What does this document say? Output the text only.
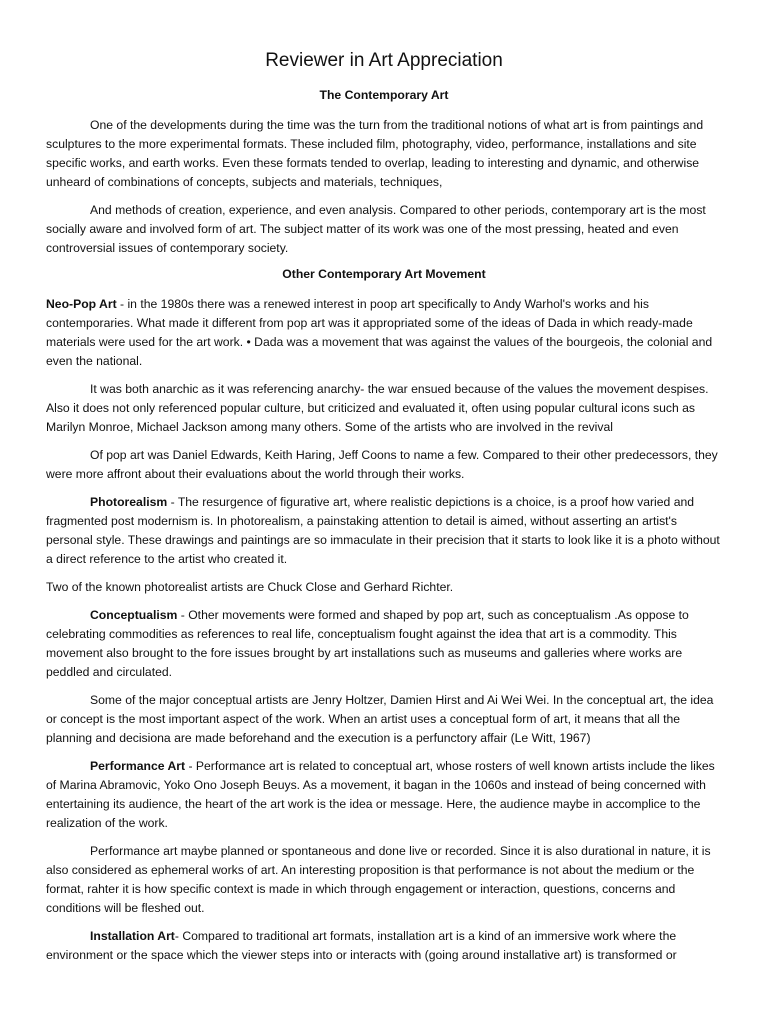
Reviewer in Art Appreciation
The Contemporary Art

One of the developments during the time was the turn from the traditional notions of what art is from paintings and sculptures to the more experimental formats. These included film, photography, video, performance, installations and site specific works, and earth works. Even these formats tended to overlap, leading to interesting and dynamic, and otherwise unheard of combinations of concepts, subjects and materials, techniques,

And methods of creation, experience, and even analysis. Compared to other periods, contemporary art is the most socially aware and involved form of art. The subject matter of its work was one of the most pressing, heated and even controversial issues of contemporary society.

Other Contemporary Art Movement

Neo-Pop Art - in the 1980s there was a renewed interest in poop art specifically to Andy Warhol's works and his contemporaries. What made it different from pop art was it appropriated some of the ideas of Dada in which ready-made materials were used for the art work. • Dada was a movement that was against the values of the bourgeois, the colonial and even the national.

It was both anarchic as it was referencing anarchy- the war ensued because of the values the movement despises. Also it does not only referenced popular culture, but criticized and evaluated it, often using popular cultural icons such as Marilyn Monroe, Michael Jackson among many others. Some of the artists who are involved in the revival

Of pop art was Daniel Edwards, Keith Haring, Jeff Coons to name a few. Compared to their other predecessors, they were more affront about their evaluations about the world through their works.

Photorealism - The resurgence of figurative art, where realistic depictions is a choice, is a proof how varied and fragmented post modernism is. In photorealism, a painstaking attention to detail is aimed, without asserting an artist's personal style. These drawings and paintings are so immaculate in their precision that it starts to look like it is a photo without a direct reference to the artist who created it.

Two of the known photorealist artists are Chuck Close and Gerhard Richter.

Conceptualism - Other movements were formed and shaped by pop art, such as conceptualism .As oppose to celebrating commodities as references to real life, conceptualism fought against the idea that art is a commodity. This movement also brought to the fore issues brought by art installations such as museums and galleries where works are peddled and circulated.

Some of the major conceptual artists are Jenry Holtzer, Damien Hirst and Ai Wei Wei. In the conceptual art, the idea or concept is the most important aspect of the work. When an artist uses a conceptual form of art, it means that all the planning and decisiona are made beforehand and the execution is a perfunctory affair (Le Witt, 1967)

Performance Art - Performance art is related to conceptual art, whose rosters of well known artists include the likes of Marina Abramovic, Yoko Ono Joseph Beuys. As a movement, it bagan in the 1060s and instead of being concerned with entertaining its audience, the heart of the art work is the idea or message. Here, the audience maybe in accomplice to the realization of the work.

Performance art maybe planned or spontaneous and done live or recorded. Since it is also durational in nature, it is also considered as ephemeral works of art. An interesting proposition is that performance is not about the medium or the format, rahter it is how specific context is made in which through engagement or interaction, questions, concerns and conditions will be fleshed out.

Installation Art- Compared to traditional art formats, installation art is a kind of an immersive work where the environment or the space which the viewer steps into or interacts with (going around installative art) is transformed or
